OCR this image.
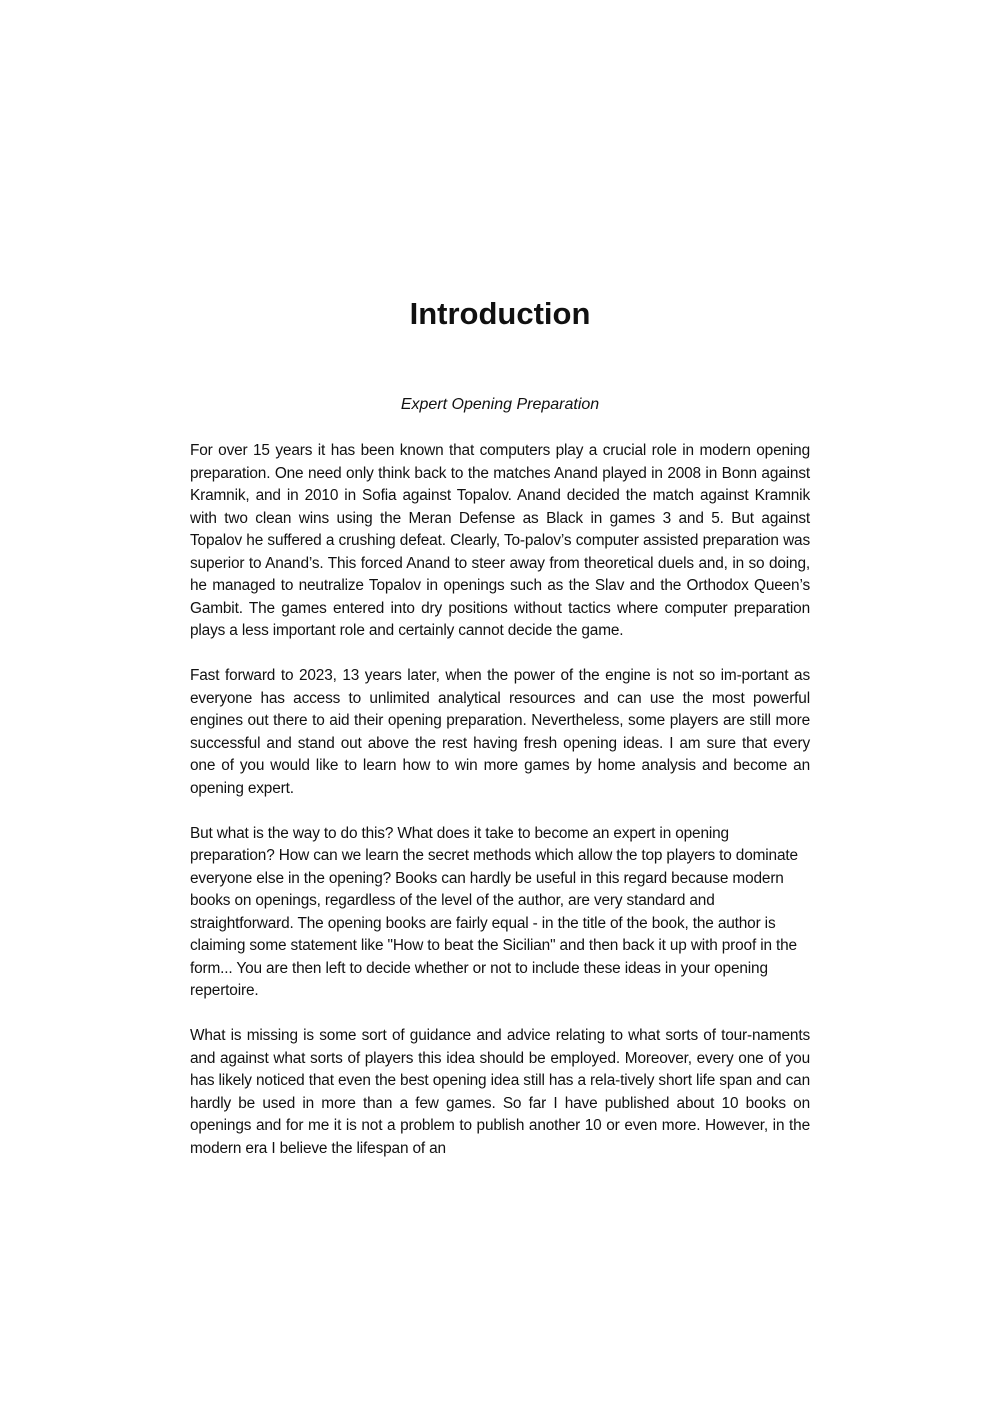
Introduction

Expert Opening Preparation

For over 15 years it has been known that computers play a crucial role in modern opening preparation. One need only think back to the matches Anand played in 2008 in Bonn against Kramnik, and in 2010 in Sofia against Topalov. Anand decided the match against Kramnik with two clean wins using the Meran Defense as Black in games 3 and 5. But against Topalov he suffered a crushing defeat. Clearly, To-palov’s computer assisted preparation was superior to Anand’s. This forced Anand to steer away from theoretical duels and, in so doing, he managed to neutralize Topalov in openings such as the Slav and the Orthodox Queen’s Gambit. The games entered into dry positions without tactics where computer preparation plays a less important role and certainly cannot decide the game.

Fast forward to 2023, 13 years later, when the power of the engine is not so im-portant as everyone has access to unlimited analytical resources and can use the most powerful engines out there to aid their opening preparation. Nevertheless, some players are still more successful and stand out above the rest having fresh opening ideas. I am sure that every one of you would like to learn how to win more games by home analysis and become an opening expert.

But what is the way to do this? What does it take to become an expert in opening preparation? How can we learn the secret methods which allow the top players to dominate everyone else in the opening? Books can hardly be useful in this regard because modern books on openings, regardless of the level of the author, are very standard and straightforward. The opening books are fairly equal - in the title of the book, the author is claiming some statement like "How to beat the Sicilian" and then back it up with proof in the form... You are then left to decide whether or not to include these ideas in your opening repertoire.

What is missing is some sort of guidance and advice relating to what sorts of tour-naments and against what sorts of players this idea should be employed. Moreover, every one of you has likely noticed that even the best opening idea still has a rela-tively short life span and can hardly be used in more than a few games. So far I have published about 10 books on openings and for me it is not a problem to publish another 10 or even more. However, in the modern era I believe the lifespan of an
